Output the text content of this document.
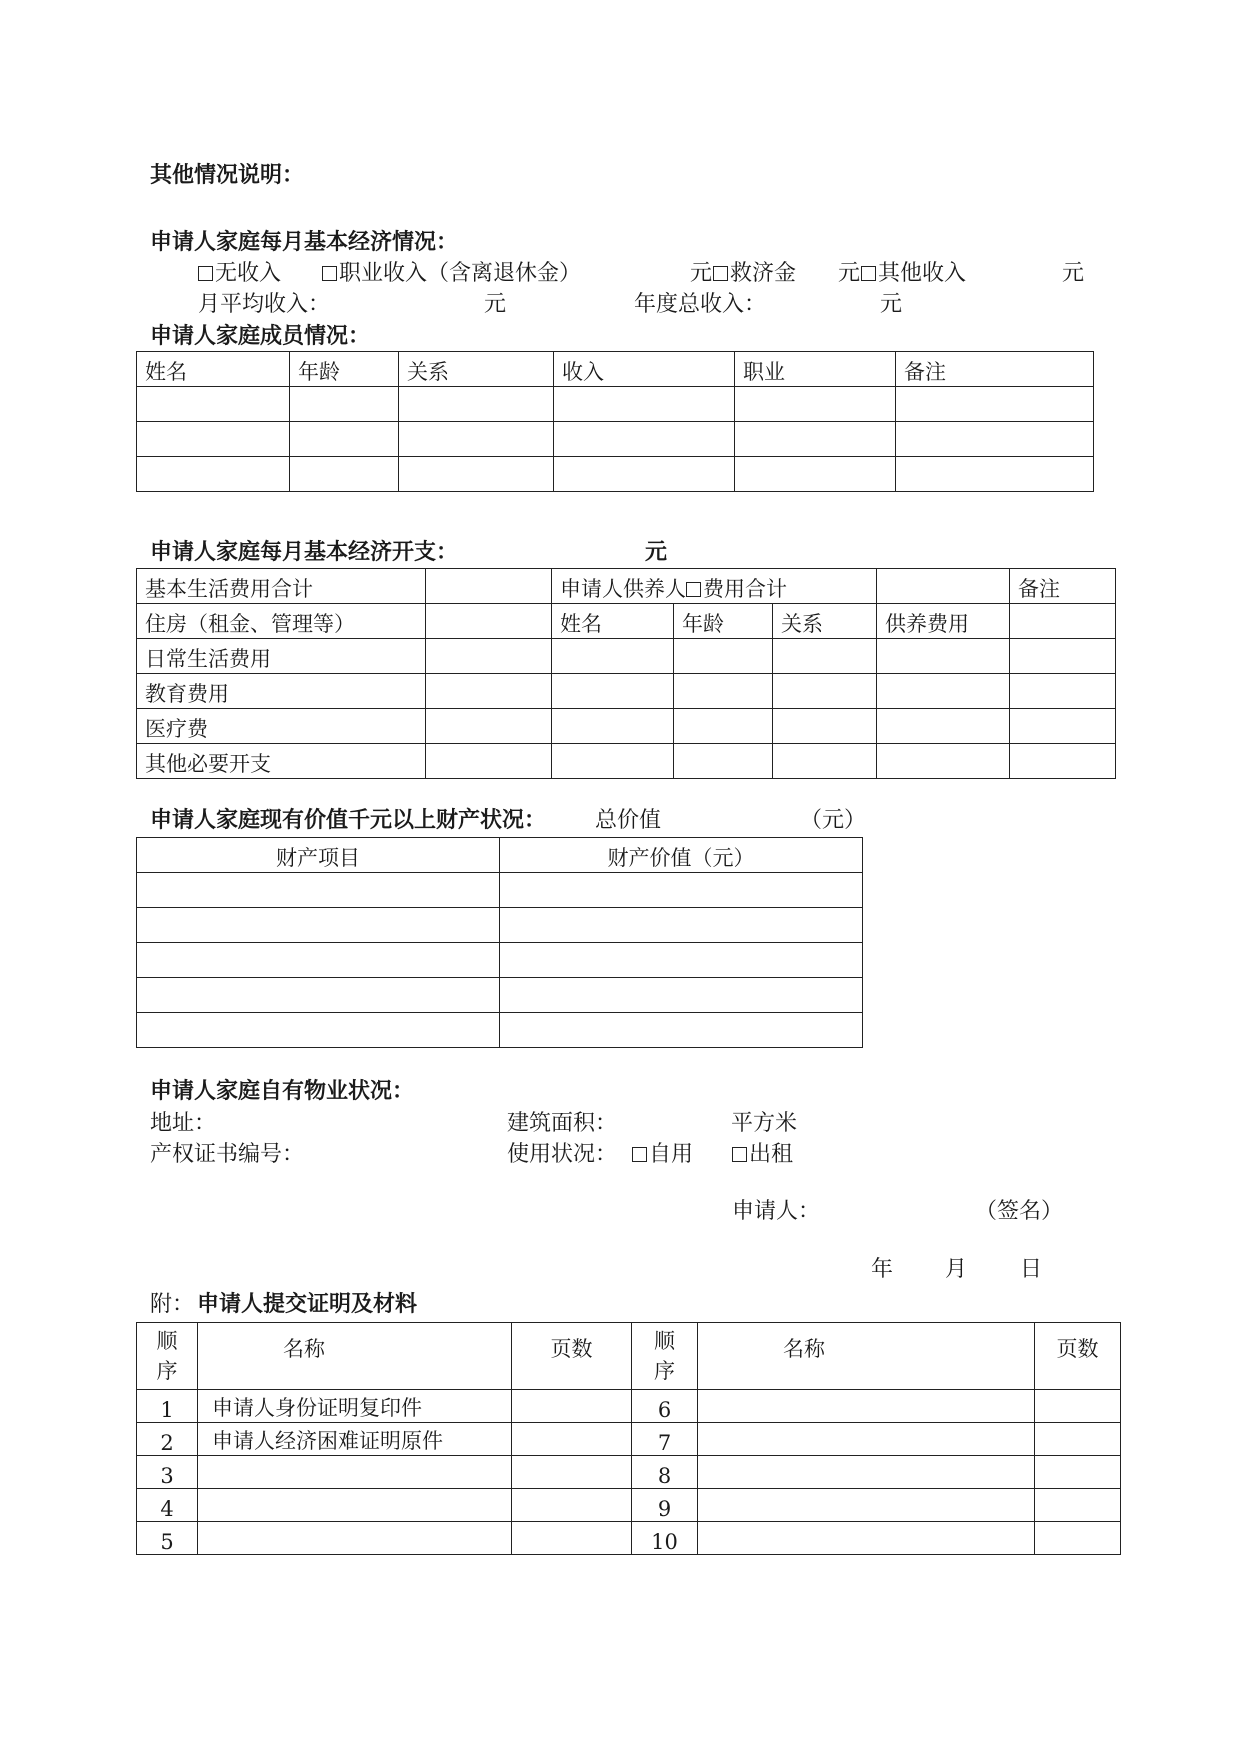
其他情况说明：
申请人家庭每月基本经济情况：
无收入	职业收入（含离退休金）	元 救济金 元 其他收入	元
月平均收入：	元	年度总收入：	元
申请人家庭成员情况：
姓名	年龄	关系	收入	职业	备注

申请人家庭每月基本经济开支：	元
基本生活费用合计		申请人供养人 费用合计				备注
住房（租金、管理等）		姓名	年龄	关系	供养费用	
日常生活费用						
教育费用						
医疗费						
其他必要开支						
申请人家庭现有价值千元以上财产状况： 总价值	（元）
财产项目	财产价值（元）

申请人家庭自有物业状况：
地址：	建筑面积：	平方米
产权证书编号：	使用状况：	自用	出租
申请人：	（签名）
年 月 日
附： 申请人提交证明及材料
顺序	名称	页数	顺序	名称	页数
1	申请人身份证明复印件		6		
2	申请人经济困难证明原件		7		
3			8		
4			9		
5			10		
